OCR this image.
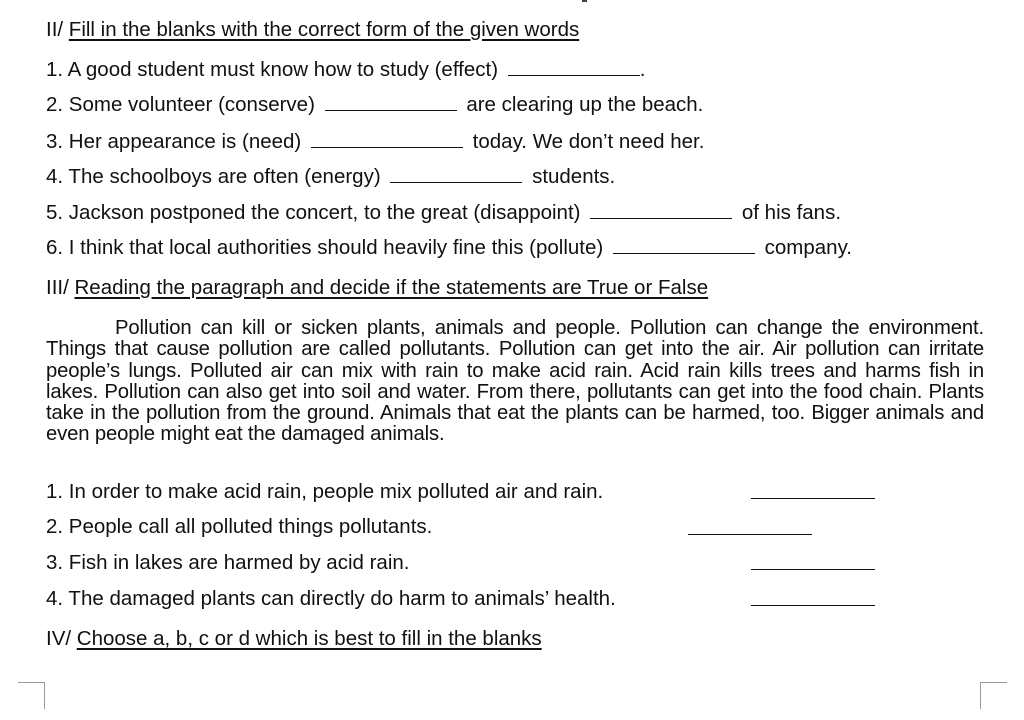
II/ Fill in the blanks with the correct form of the given words
1. A good student must know how to study (effect)	.
2. Some volunteer (conserve)	are clearing up the beach.
3. Her appearance is (need)	today. We don’t need her.
4. The schoolboys are often (energy)	students.
5. Jackson postponed the concert, to the great (disappoint)	of his fans.
6. I think that local authorities should heavily fine this (pollute)	company.
III/ Reading the paragraph and decide if the statements are True or False
Pollution can kill or sicken plants, animals and people. Pollution can change the environment. Things that cause pollution are called pollutants. Pollution can get into the air. Air pollution can irritate people’s lungs. Polluted air can mix with rain to make acid rain. Acid rain kills trees and harms fish in lakes. Pollution can also get into soil and water. From there, pollutants can get into the food chain. Plants take in the pollution from the ground. Animals that eat the plants can be harmed, too. Bigger animals and even people might eat the damaged animals.
1. In order to make acid rain, people mix polluted air and rain.
2. People call all polluted things pollutants.
3. Fish in lakes are harmed by acid rain.
4. The damaged plants can directly do harm to animals’ health.
IV/ Choose a, b, c or d which is best to fill in the blanks
